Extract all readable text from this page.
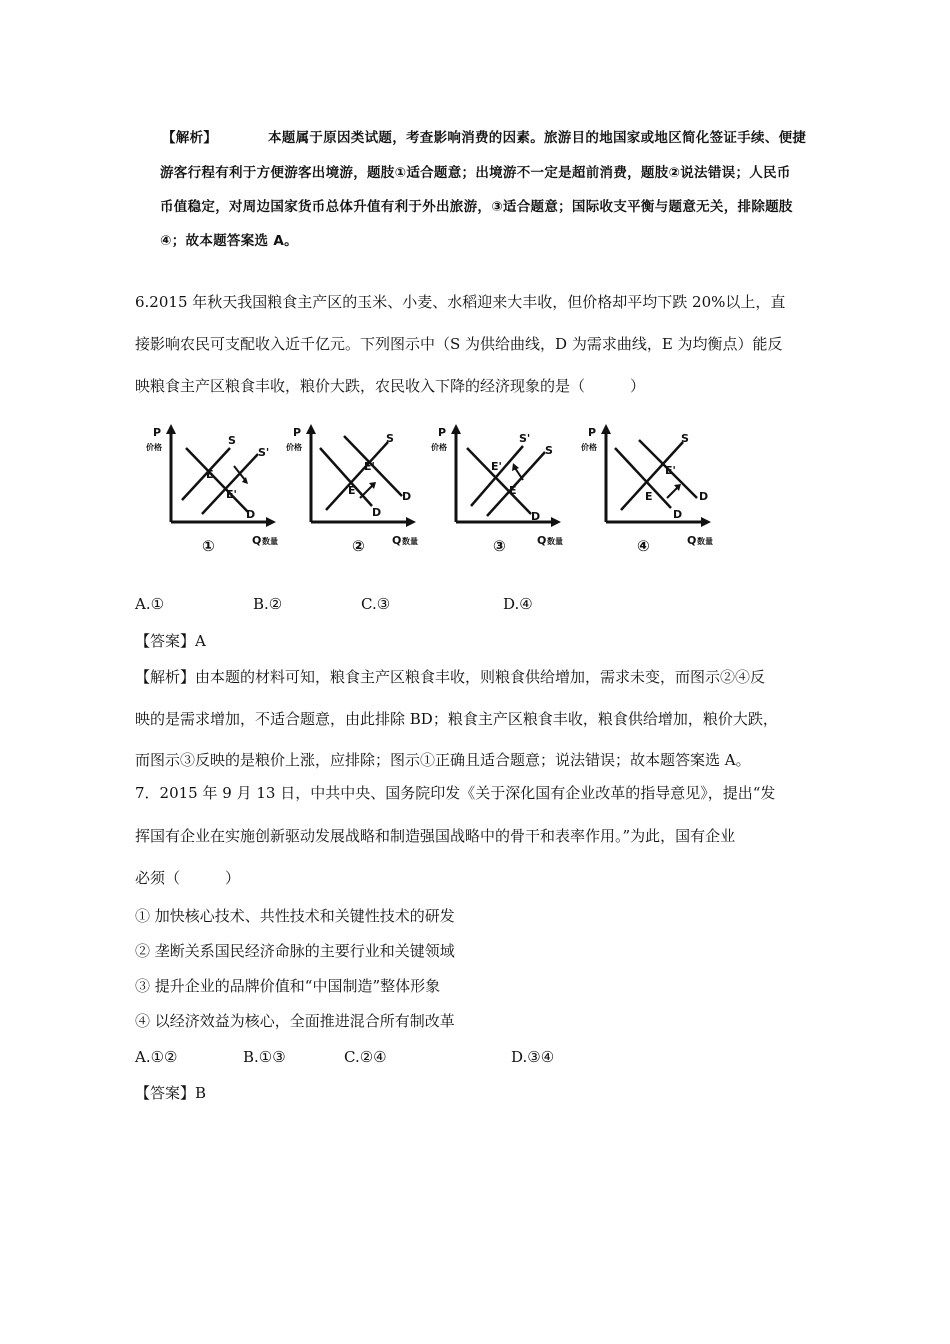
【解析】	本题属于原因类试题，考查影响消费的因素。旅游目的地国家或地区简化签证手续、便捷
游客行程有利于方便游客出境游，题肢①适合题意；出境游不一定是超前消费，题肢②说法错误；人民币
币值稳定，对周边国家货币总体升值有利于外出旅游，③适合题意；国际收支平衡与题意无关，排除题肢
④；故本题答案选 A。
6.2015 年秋天我国粮食主产区的玉米、小麦、水稻迎来大丰收，但价格却平均下跌 20%以上，直
接影响农民可支配收入近千亿元。下列图示中（S 为供给曲线，D 为需求曲线，E 为均衡点）能反
映粮食主产区粮食丰收，粮价大跌，农民收入下降的经济现象的是（　　　）
P
价格
Q 数量
S
S'
D
E
E'
①
P
价格
Q 数量
S
D
D
E
E'
②
P
价格
Q 数量
S'
S
D
E'
E
③
P
价格
Q 数量
S
D
D
E
E'
④
A.①	B.②	C.③	D.④
【答案】A
【解析】由本题的材料可知，粮食主产区粮食丰收，则粮食供给增加，需求未变，而图示②④反
映的是需求增加，不适合题意，由此排除 BD；粮食主产区粮食丰收，粮食供给增加，粮价大跌，
而图示③反映的是粮价上涨，应排除；图示①正确且适合题意；说法错误；故本题答案选 A。
7．2015 年 9 月 13 日，中共中央、国务院印发《关于深化国有企业改革的指导意见》，提出“发
挥国有企业在实施创新驱动发展战略和制造强国战略中的骨干和表率作用。”为此，国有企业
必须（　　　）
① 加快核心技术、共性技术和关键性技术的研发
② 垄断关系国民经济命脉的主要行业和关键领域
③ 提升企业的品牌价值和“中国制造”整体形象
④ 以经济效益为核心，全面推进混合所有制改革
A.①②	B.①③	C.②④	D.③④
【答案】B
